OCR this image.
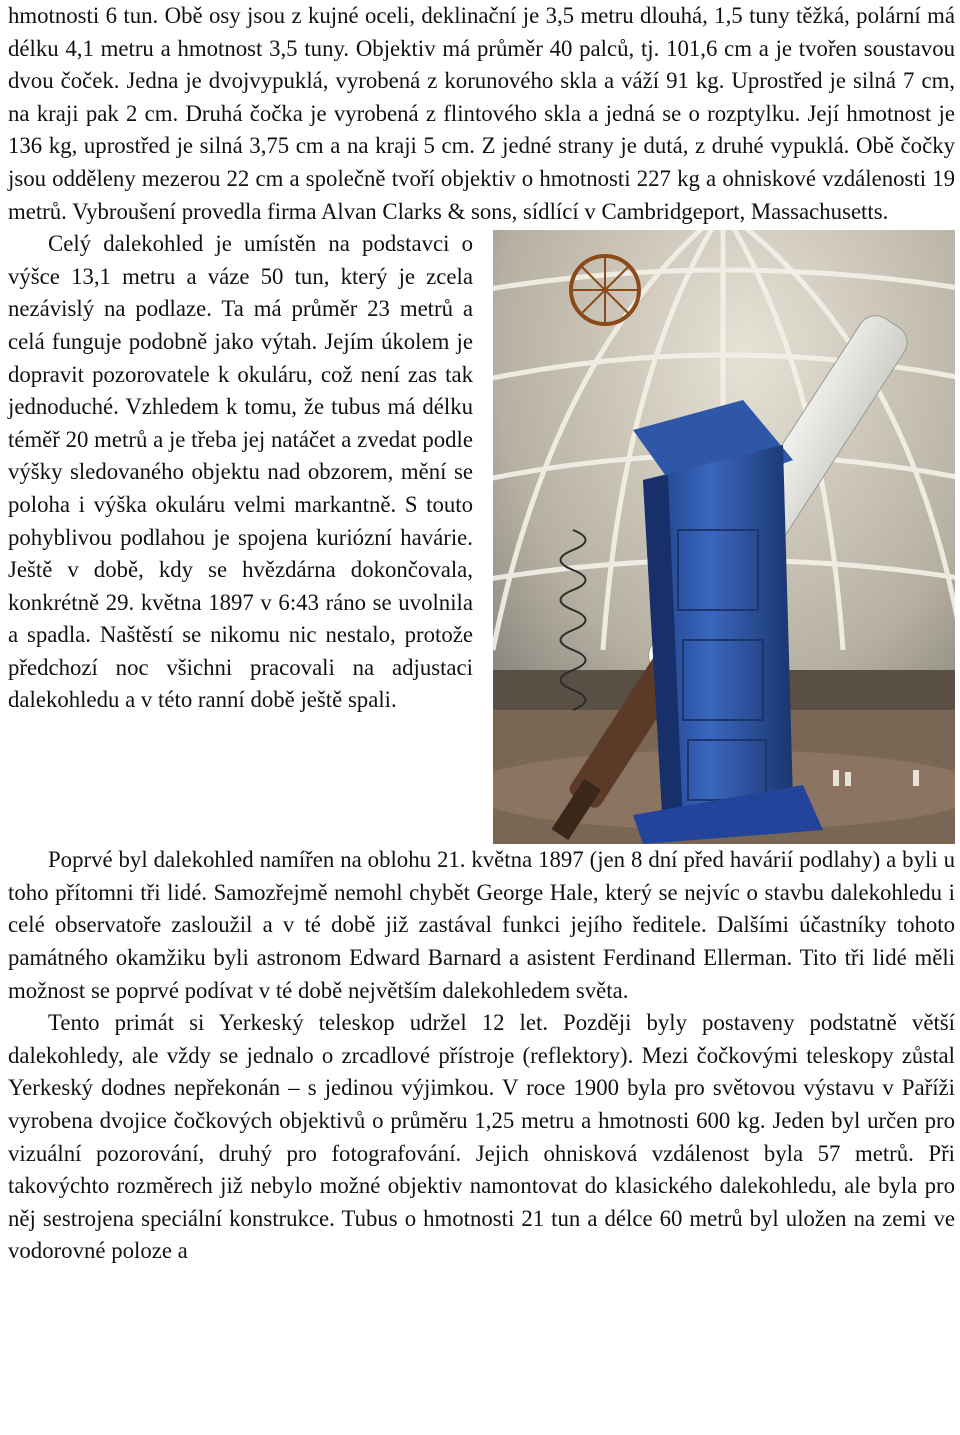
hmotnosti 6 tun. Obě osy jsou z kujné oceli, deklinační je 3,5 metru dlouhá, 1,5 tuny těžká, polární má délku 4,1 metru a hmotnost 3,5 tuny. Objektiv má průměr 40 palců, tj. 101,6 cm a je tvořen soustavou dvou čoček. Jedna je dvojvypuklá, vyrobená z korunového skla a váží 91 kg. Uprostřed je silná 7 cm, na kraji pak 2 cm. Druhá čočka je vyrobená z flintového skla a jedná se o rozptylku. Její hmotnost je 136 kg, uprostřed je silná 3,75 cm a na kraji 5 cm. Z jedné strany je dutá, z druhé vypuklá. Obě čočky jsou odděleny mezerou 22 cm a společně tvoří objektiv o hmotnosti 227 kg a ohniskové vzdálenosti 19 metrů. Vybroušení provedla firma Alvan Clarks & sons, sídlící v Cambridgeport, Massachusetts.

Celý dalekohled je umístěn na podstavci o výšce 13,1 metru a váze 50 tun, který je zcela nezávislý na podlaze. Ta má průměr 23 metrů a celá funguje podobně jako výtah. Jejím úkolem je dopravit pozorovatele k okuláru, což není zas tak jednoduché. Vzhledem k tomu, že tubus má délku téměř 20 metrů a je třeba jej natáčet a zvedat podle výšky sledovaného objektu nad obzorem, mění se poloha i výška okuláru velmi markantně. S touto pohyblivou podlahou je spojena kuriózní havárie. Ještě v době, kdy se hvězdárna dokončovala, konkrétně 29. května 1897 v 6:43 ráno se uvolnila a spadla. Naštěstí se nikomu nic nestalo, protože předchozí noc všichni pracovali na adjustaci dalekohledu a v této ranní době ještě spali.

Poprvé byl dalekohled namířen na oblohu 21. května 1897 (jen 8 dní před havárií podlahy) a byli u toho přítomni tři lidé. Samozřejmě nemohl chybět George Hale, který se nejvíc o stavbu dalekohledu i celé observatoře zasloužil a v té době již zastával funkci jejího ředitele. Dalšími účastníky tohoto památného okamžiku byli astronom Edward Barnard a asistent Ferdinand Ellerman. Tito tři lidé měli možnost se poprvé podívat v té době největším dalekohledem světa.

Tento primát si Yerkeský teleskop udržel 12 let. Později byly postaveny podstatně větší dalekohledy, ale vždy se jednalo o zrcadlové přístroje (reflektory). Mezi čočkovými teleskopy zůstal Yerkeský dodnes nepřekonán – s jedinou výjimkou. V roce 1900 byla pro světovou výstavu v Paříži vyrobena dvojice čočkových objektivů o průměru 1,25 metru a hmotnosti 600 kg. Jeden byl určen pro vizuální pozorování, druhý pro fotografování. Jejich ohnisková vzdálenost byla 57 metrů. Při takovýchto rozměrech již nebylo možné objektiv namontovat do klasického dalekohledu, ale byla pro něj sestrojena speciální konstrukce. Tubus o hmotnosti 21 tun a délce 60 metrů byl uložen na zemi ve vodorovné poloze a
